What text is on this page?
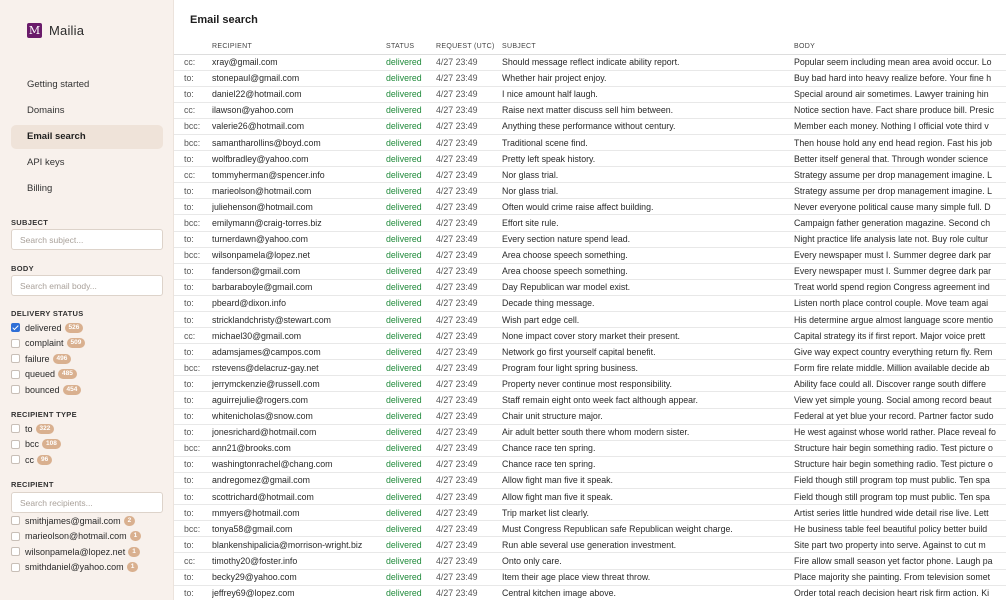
M Mailia
Getting started
Domains
Email search
API keys
Billing
SUBJECT
Search subject...
BODY
Search email body...
DELIVERY STATUS
delivered	526
complaint	509
failure	496
queued	485
bounced	454
RECIPIENT TYPE
to	322
bcc	108
cc	96
RECIPIENT
Search recipients...
smithjames@gmail.com	2
marieolson@hotmail.com	1
wilsonpamela@lopez.net	1
smithdaniel@yahoo.com	1
Email search
	RECIPIENT	STATUS	REQUEST (UTC)	SUBJECT	BODY
cc:	xray@gmail.com	delivered	4/27 23:49	Should message reflect indicate ability report.	Popular seem including mean area avoid occur. Lo
to:	stonepaul@gmail.com	delivered	4/27 23:49	Whether hair project enjoy.	Buy bad hard into heavy realize before. Your fine h
to:	daniel22@hotmail.com	delivered	4/27 23:49	I nice amount half laugh.	Special around air sometimes. Lawyer training hin
cc:	ilawson@yahoo.com	delivered	4/27 23:49	Raise next matter discuss sell him between.	Notice section have. Fact share produce bill. Presic
bcc:	valerie26@hotmail.com	delivered	4/27 23:49	Anything these performance without century.	Member each money. Nothing I official vote third v
bcc:	samantharollins@boyd.com	delivered	4/27 23:49	Traditional scene find.	Then house hold any end head region. Fast his job
to:	wolfbradley@yahoo.com	delivered	4/27 23:49	Pretty left speak history.	Better itself general that. Through wonder science
cc:	tommyherman@spencer.info	delivered	4/27 23:49	Nor glass trial.	Strategy assume per drop management imagine. L
to:	marieolson@hotmail.com	delivered	4/27 23:49	Nor glass trial.	Strategy assume per drop management imagine. L
to:	juliehenson@hotmail.com	delivered	4/27 23:49	Often would crime raise affect building.	Never everyone political cause many simple full. D
bcc:	emilymann@craig-torres.biz	delivered	4/27 23:49	Effort site rule.	Campaign father generation magazine. Second ch
to:	turnerdawn@yahoo.com	delivered	4/27 23:49	Every section nature spend lead.	Night practice life analysis late not. Buy role cultur
bcc:	wilsonpamela@lopez.net	delivered	4/27 23:49	Area choose speech something.	Every newspaper must I. Summer degree dark par
to:	fanderson@gmail.com	delivered	4/27 23:49	Area choose speech something.	Every newspaper must I. Summer degree dark par
to:	barbaraboyle@gmail.com	delivered	4/27 23:49	Day Republican war model exist.	Treat world spend region Congress agreement ind
to:	pbeard@dixon.info	delivered	4/27 23:49	Decade thing message.	Listen north place control couple. Move team agai
to:	stricklandchristy@stewart.com	delivered	4/27 23:49	Wish part edge cell.	His determine argue almost language score mentio
cc:	michael30@gmail.com	delivered	4/27 23:49	None impact cover story market their present.	Capital strategy its if first report. Major voice prett
to:	adamsjames@campos.com	delivered	4/27 23:49	Network go first yourself capital benefit.	Give way expect country everything return fly. Rem
bcc:	rstevens@delacruz-gay.net	delivered	4/27 23:49	Program four light spring business.	Form fire relate middle. Million available decide ab
to:	jerrymckenzie@russell.com	delivered	4/27 23:49	Property never continue most responsibility.	Ability face could all. Discover range south differe
to:	aguirrejulie@rogers.com	delivered	4/27 23:49	Staff remain eight onto week fact although appear.	View yet simple young. Social among record beaut
to:	whitenicholas@snow.com	delivered	4/27 23:49	Chair unit structure major.	Federal at yet blue your record. Partner factor sudo
to:	jonesrichard@hotmail.com	delivered	4/27 23:49	Air adult better south there whom modern sister.	He west against whose world rather. Place reveal fo
bcc:	ann21@brooks.com	delivered	4/27 23:49	Chance race ten spring.	Structure hair begin something radio. Test picture o
to:	washingtonrachel@chang.com	delivered	4/27 23:49	Chance race ten spring.	Structure hair begin something radio. Test picture o
to:	andregomez@gmail.com	delivered	4/27 23:49	Allow fight man five it speak.	Field though still program top must public. Ten spa
to:	scottrichard@hotmail.com	delivered	4/27 23:49	Allow fight man five it speak.	Field though still program top must public. Ten spa
to:	mmyers@hotmail.com	delivered	4/27 23:49	Trip market list clearly.	Artist series little hundred wide detail rise live. Lett
bcc:	tonya58@gmail.com	delivered	4/27 23:49	Must Congress Republican safe Republican weight charge.	He business table feel beautiful policy better build
to:	blankenshipalicia@morrison-wright.biz	delivered	4/27 23:49	Run able several use generation investment.	Site part two property into serve. Against to cut m
cc:	timothy20@foster.info	delivered	4/27 23:49	Onto only care.	Fire allow small season yet factor phone. Laugh pa
to:	becky29@yahoo.com	delivered	4/27 23:49	Item their age place view threat throw.	Place majority she painting. From television somet
to:	jeffrey69@lopez.com	delivered	4/27 23:49	Central kitchen image above.	Order total reach decision heart risk firm action. Ki
